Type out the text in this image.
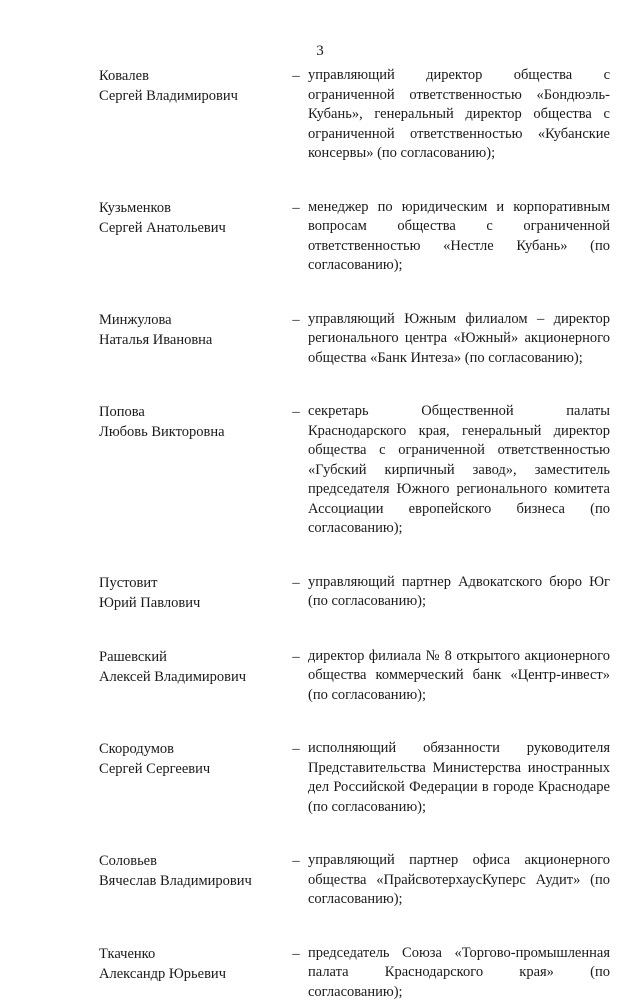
3
Ковалев
Сергей Владимирович
– управляющий директор общества с ограниченной ответственностью «Бондюэль-Кубань», генеральный директор общества с ограниченной ответственностью «Кубанские консервы» (по согласованию);
Кузьменков
Сергей Анатольевич
– менеджер по юридическим и корпоративным вопросам общества с ограниченной ответственностью «Нестле Кубань» (по согласованию);
Минжулова
Наталья Ивановна
– управляющий Южным филиалом – директор регионального центра «Южный» акционерного общества «Банк Интеза» (по согласованию);
Попова
Любовь Викторовна
– секретарь Общественной палаты Краснодарского края, генеральный директор общества с ограниченной ответственностью «Губский кирпичный завод», заместитель председателя Южного регионального комитета Ассоциации европейского бизнеса (по согласованию);
Пустовит
Юрий Павлович
– управляющий партнер Адвокатского бюро Юг (по согласованию);
Рашевский
Алексей Владимирович
– директор филиала № 8 открытого акционерного общества коммерческий банк «Центр-инвест» (по согласованию);
Скородумов
Сергей Сергеевич
– исполняющий обязанности руководителя Представительства Министерства иностранных дел Российской Федерации в городе Краснодаре (по согласованию);
Соловьев
Вячеслав Владимирович
– управляющий партнер офиса акционерного общества «ПрайсвотерхаусКуперс Аудит» (по согласованию);
Ткаченко
Александр Юрьевич
– председатель Союза «Торгово-промышленная палата Краснодарского края» (по согласованию);
